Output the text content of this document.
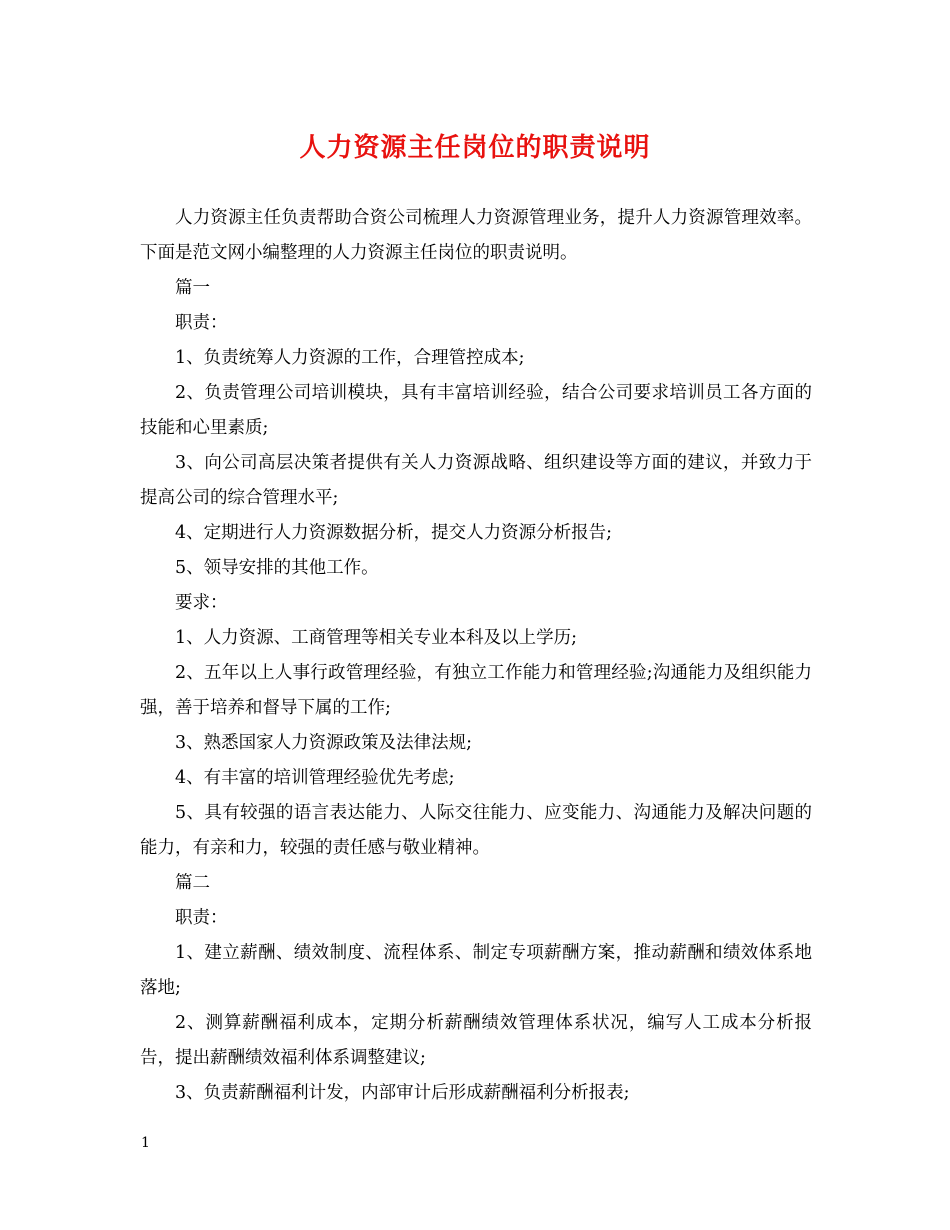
人力资源主任岗位的职责说明

人力资源主任负责帮助合资公司梳理人力资源管理业务，提升人力资源管理效率。下面是范文网小编整理的人力资源主任岗位的职责说明。

篇一

职责：

1、负责统筹人力资源的工作，合理管控成本;

2、负责管理公司培训模块，具有丰富培训经验，结合公司要求培训员工各方面的技能和心里素质;

3、向公司高层决策者提供有关人力资源战略、组织建设等方面的建议，并致力于提高公司的综合管理水平;

4、定期进行人力资源数据分析，提交人力资源分析报告;

5、领导安排的其他工作。

要求：

1、人力资源、工商管理等相关专业本科及以上学历;

2、五年以上人事行政管理经验，有独立工作能力和管理经验;沟通能力及组织能力强，善于培养和督导下属的工作;

3、熟悉国家人力资源政策及法律法规;

4、有丰富的培训管理经验优先考虑;

5、具有较强的语言表达能力、人际交往能力、应变能力、沟通能力及解决问题的能力，有亲和力，较强的责任感与敬业精神。

篇二

职责：

1、建立薪酬、绩效制度、流程体系、制定专项薪酬方案，推动薪酬和绩效体系地落地;

2、测算薪酬福利成本，定期分析薪酬绩效管理体系状况，编写人工成本分析报告，提出薪酬绩效福利体系调整建议;

3、负责薪酬福利计发，内部审计后形成薪酬福利分析报表;

1
